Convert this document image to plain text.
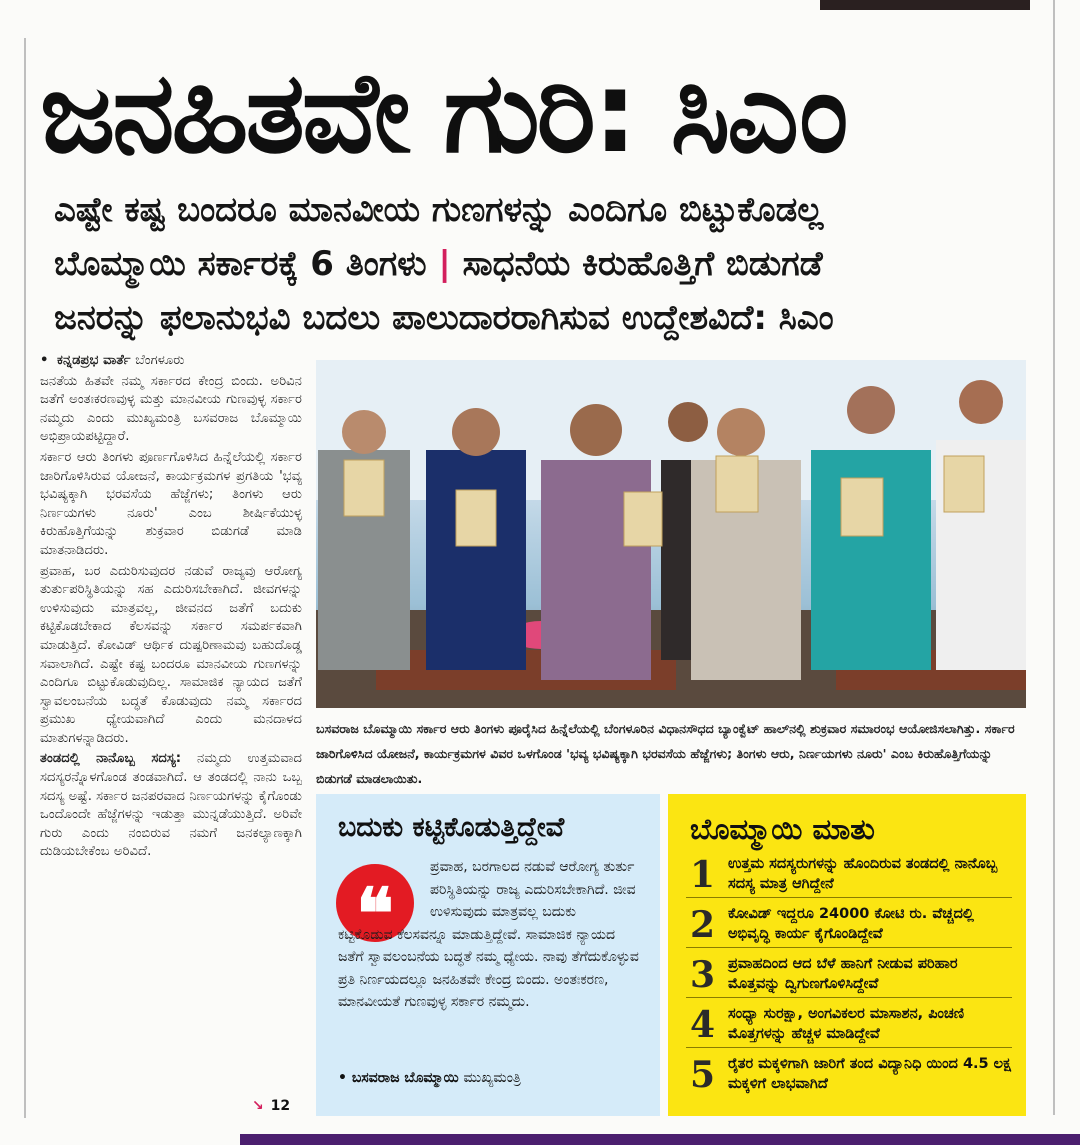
ಜನಹಿತವೇ ಗುರಿ: ಸಿಎಂ
ಎಷ್ಟೇ ಕಷ್ಟ ಬಂದರೂ ಮಾನವೀಯ ಗುಣಗಳನ್ನು ಎಂದಿಗೂ ಬಿಟ್ಟುಕೊಡಲ್ಲ
ಬೊಮ್ಮಾಯಿ ಸರ್ಕಾರಕ್ಕೆ 6 ತಿಂಗಳು | ಸಾಧನೆಯ ಕಿರುಹೊತ್ತಿಗೆ ಬಿಡುಗಡೆ
ಜನರನ್ನು ಫಲಾನುಭವಿ ಬದಲು ಪಾಲುದಾರರಾಗಿಸುವ ಉದ್ದೇಶವಿದೆ: ಸಿಎಂ

• ಕನ್ನಡಪ್ರಭ ವಾರ್ತೆ ಬೆಂಗಳೂರು

ಜನತೆಯ ಹಿತವೇ ನಮ್ಮ ಸರ್ಕಾರದ ಕೇಂದ್ರ ಬಿಂದು. ಅರಿವಿನ ಜತೆಗೆ ಅಂತಃಕರಣವುಳ್ಳ ಮತ್ತು ಮಾನವೀಯ ಗುಣವುಳ್ಳ ಸರ್ಕಾರ ನಮ್ಮದು ಎಂದು ಮುಖ್ಯಮಂತ್ರಿ ಬಸವರಾಜ ಬೊಮ್ಮಾಯಿ ಅಭಿಪ್ರಾಯಪಟ್ಟಿದ್ದಾರೆ.

ಸರ್ಕಾರ ಆರು ತಿಂಗಳು ಪೂರ್ಣಗೊಳಿಸಿದ ಹಿನ್ನೆಲೆಯಲ್ಲಿ ಸರ್ಕಾರ ಜಾರಿಗೊಳಿಸಿರುವ ಯೋಜನೆ, ಕಾರ್ಯಕ್ರಮಗಳ ಪ್ರಗತಿಯ 'ಭವ್ಯ ಭವಿಷ್ಯಕ್ಕಾಗಿ ಭರವಸೆಯ ಹೆಜ್ಜೆಗಳು; ತಿಂಗಳು ಆರು ನಿರ್ಣಯಗಳು ನೂರು' ಎಂಬ ಶೀರ್ಷಿಕೆಯುಳ್ಳ ಕಿರುಹೊತ್ತಿಗೆಯನ್ನು ಶುಕ್ರವಾರ ಬಿಡುಗಡೆ ಮಾಡಿ ಮಾತನಾಡಿದರು.

ಪ್ರವಾಹ, ಬರ ಎದುರಿಸುವುದರ ನಡುವೆ ರಾಜ್ಯವು ಆರೋಗ್ಯ ತುರ್ತುಪರಿಸ್ಥಿತಿಯನ್ನು ಸಹ ಎದುರಿಸಬೇಕಾಗಿದೆ. ಜೀವಗಳನ್ನು ಉಳಿಸುವುದು ಮಾತ್ರವಲ್ಲ, ಜೀವನದ ಜತೆಗೆ ಬದುಕು ಕಟ್ಟಿಕೊಡಬೇಕಾದ ಕೆಲಸವನ್ನು ಸರ್ಕಾರ ಸಮರ್ಪಕವಾಗಿ ಮಾಡುತ್ತಿದೆ. ಕೋವಿಡ್ ಆರ್ಥಿಕ ದುಷ್ಪರಿಣಾಮವು ಬಹುದೊಡ್ಡ ಸವಾಲಾಗಿದೆ. ಎಷ್ಟೇ ಕಷ್ಟ ಬಂದರೂ ಮಾನವೀಯ ಗುಣಗಳನ್ನು ಎಂದಿಗೂ ಬಿಟ್ಟುಕೊಡುವುದಿಲ್ಲ. ಸಾಮಾಜಿಕ ನ್ಯಾಯದ ಜತೆಗೆ ಸ್ವಾವಲಂಬನೆಯ ಬದ್ಧತೆ ಕೊಡುವುದು ನಮ್ಮ ಸರ್ಕಾರದ ಪ್ರಮುಖ ಧ್ಯೇಯವಾಗಿದೆ ಎಂದು ಮನದಾಳದ ಮಾತುಗಳನ್ನಾಡಿದರು.

ತಂಡದಲ್ಲಿ ನಾನೊಬ್ಬ ಸದಸ್ಯ: ನಮ್ಮದು ಉತ್ತಮವಾದ ಸದಸ್ಯರನ್ನೊಳಗೊಂಡ ತಂಡವಾಗಿದೆ. ಆ ತಂಡದಲ್ಲಿ ನಾನು ಒಬ್ಬ ಸದಸ್ಯ ಅಷ್ಟೆ. ಸರ್ಕಾರ ಜನಪರವಾದ ನಿರ್ಣಯಗಳನ್ನು ಕೈಗೊಂಡು ಒಂದೊಂದೇ ಹೆಜ್ಜೆಗಳನ್ನು ಇಡುತ್ತಾ ಮುನ್ನಡೆಯುತ್ತಿದೆ. ಅರಿವೇ ಗುರು ಎಂದು ನಂಬಿರುವ ನಮಗೆ ಜನಕಲ್ಯಾಣಕ್ಕಾಗಿ ದುಡಿಯಬೇಕೆಂಬ ಅರಿವಿದೆ.

↘ 12

ಬಸವರಾಜ ಬೊಮ್ಮಾಯಿ ಸರ್ಕಾರ ಆರು ತಿಂಗಳು ಪೂರೈಸಿದ ಹಿನ್ನೆಲೆಯಲ್ಲಿ ಬೆಂಗಳೂರಿನ ವಿಧಾನಸೌಧದ ಬ್ಯಾಂಕ್ವೆಟ್ ಹಾಲ್‌ನಲ್ಲಿ ಶುಕ್ರವಾರ ಸಮಾರಂಭ ಆಯೋಜಿಸಲಾಗಿತ್ತು. ಸರ್ಕಾರ ಜಾರಿಗೊಳಿಸಿದ ಯೋಜನೆ, ಕಾರ್ಯಕ್ರಮಗಳ ವಿವರ ಒಳಗೊಂಡ 'ಭವ್ಯ ಭವಿಷ್ಯಕ್ಕಾಗಿ ಭರವಸೆಯ ಹೆಜ್ಜೆಗಳು; ತಿಂಗಳು ಆರು, ನಿರ್ಣಯಗಳು ನೂರು' ಎಂಬ ಕಿರುಹೊತ್ತಿಗೆಯನ್ನು ಬಿಡುಗಡೆ ಮಾಡಲಾಯಿತು.

ಬದುಕು ಕಟ್ಟಿಕೊಡುತ್ತಿದ್ದೇವೆ
❝
ಪ್ರವಾಹ, ಬರಗಾಲದ ನಡುವೆ ಆರೋಗ್ಯ ತುರ್ತು ಪರಿಸ್ಥಿತಿಯನ್ನು ರಾಜ್ಯ ಎದುರಿಸಬೇಕಾಗಿದೆ. ಜೀವ ಉಳಿಸುವುದು ಮಾತ್ರವಲ್ಲ ಬದುಕು
ಕಟ್ಟಿಕೊಡುವ ಕೆಲಸವನ್ನೂ ಮಾಡುತ್ತಿದ್ದೇವೆ. ಸಾಮಾಜಿಕ ನ್ಯಾಯದ ಜತೆಗೆ ಸ್ವಾವಲಂಬನೆಯ ಬದ್ಧತೆ ನಮ್ಮ ಧ್ಯೇಯ. ನಾವು ತೆಗೆದುಕೊಳ್ಳುವ ಪ್ರತಿ ನಿರ್ಣಯದಲ್ಲೂ ಜನಹಿತವೇ ಕೇಂದ್ರ ಬಿಂದು. ಅಂತಃಕರಣ, ಮಾನವೀಯತೆ ಗುಣವುಳ್ಳ ಸರ್ಕಾರ ನಮ್ಮದು.
• ಬಸವರಾಜ ಬೊಮ್ಮಾಯಿ ಮುಖ್ಯಮಂತ್ರಿ
ಬೊಮ್ಮಾಯಿ ಮಾತು
1 ಉತ್ತಮ ಸದಸ್ಯರುಗಳನ್ನು ಹೊಂದಿರುವ ತಂಡದಲ್ಲಿ ನಾನೊಬ್ಬ ಸದಸ್ಯ ಮಾತ್ರ ಆಗಿದ್ದೇನೆ
2 ಕೋವಿಡ್ ಇದ್ದರೂ 24000 ಕೋಟಿ ರು. ವೆಚ್ಚದಲ್ಲಿ ಅಭಿವೃದ್ಧಿ ಕಾರ್ಯ ಕೈಗೊಂಡಿದ್ದೇವೆ
3 ಪ್ರವಾಹದಿಂದ ಆದ ಬೆಳೆ ಹಾನಿಗೆ ನೀಡುವ ಪರಿಹಾರ ಮೊತ್ತವನ್ನು ದ್ವಿಗುಣಗೊಳಿಸಿದ್ದೇವೆ
4 ಸಂಧ್ಯಾ ಸುರಕ್ಷಾ, ಅಂಗವಿಕಲರ ಮಾಸಾಶನ, ಪಿಂಚಣಿ ಮೊತ್ತಗಳನ್ನು ಹೆಚ್ಚಳ ಮಾಡಿದ್ದೇವೆ
5 ರೈತರ ಮಕ್ಕಳಿಗಾಗಿ ಜಾರಿಗೆ ತಂದ ವಿದ್ಯಾನಿಧಿ ಯಿಂದ 4.5 ಲಕ್ಷ ಮಕ್ಕಳಿಗೆ ಲಾಭವಾಗಿದೆ
